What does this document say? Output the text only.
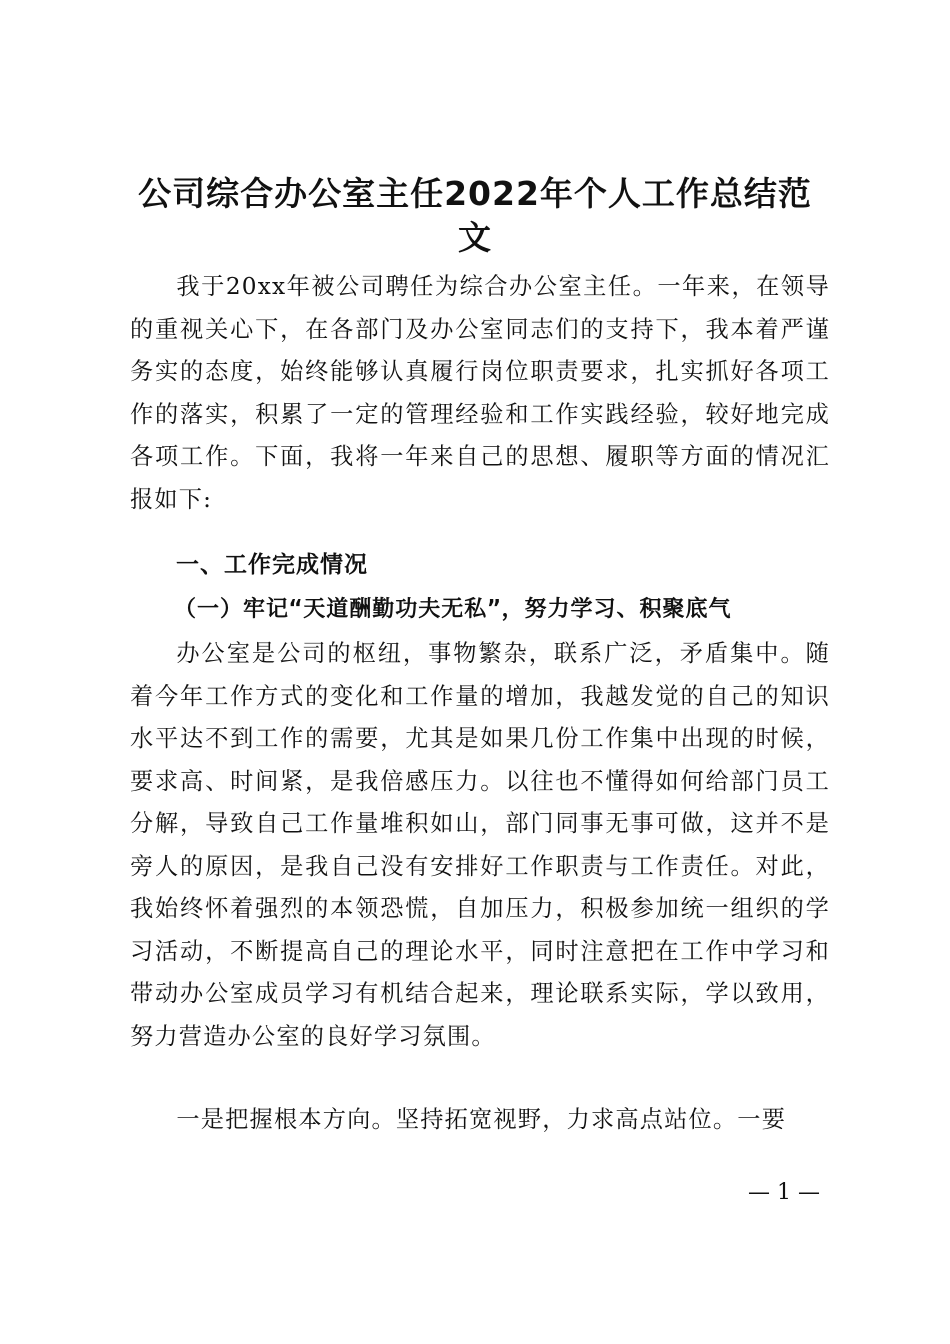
公司综合办公室主任2022年个人工作总结范
文

我于20xx年被公司聘任为综合办公室主任。一年来，在领导的重视关心下，在各部门及办公室同志们的支持下，我本着严谨务实的态度，始终能够认真履行岗位职责要求，扎实抓好各项工作的落实，积累了一定的管理经验和工作实践经验，较好地完成各项工作。下面，我将一年来自己的思想、履职等方面的情况汇报如下:

一、工作完成情况
（一）牢记“天道酬勤功夫无私”，努力学习、积聚底气

办公室是公司的枢纽，事物繁杂，联系广泛，矛盾集中。随着今年工作方式的变化和工作量的增加，我越发觉的自己的知识水平达不到工作的需要，尤其是如果几份工作集中出现的时候，要求高、时间紧，是我倍感压力。以往也不懂得如何给部门员工分解，导致自己工作量堆积如山，部门同事无事可做，这并不是旁人的原因，是我自己没有安排好工作职责与工作责任。对此，我始终怀着强烈的本领恐慌，自加压力，积极参加统一组织的学习活动，不断提高自己的理论水平，同时注意把在工作中学习和带动办公室成员学习有机结合起来，理论联系实际，学以致用，努力营造办公室的良好学习氛围。

一是把握根本方向。坚持拓宽视野，力求高点站位。一要

— 1 —
